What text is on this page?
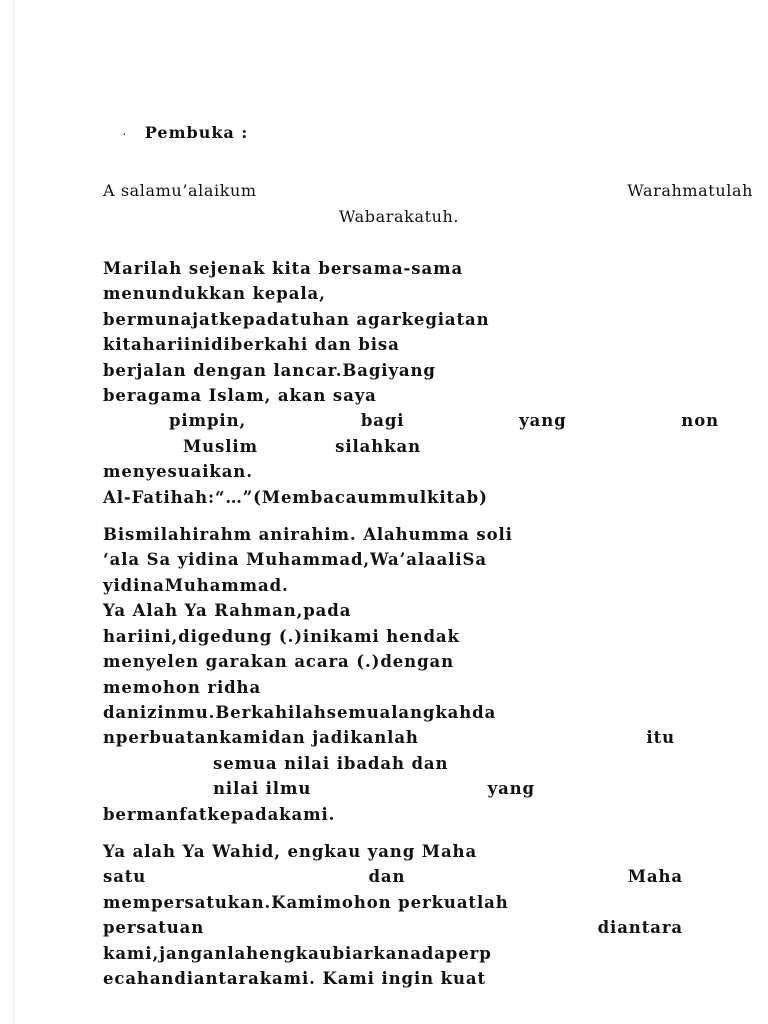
· Pembuka :
A salamu’alaikum	Warahmatulah
Wabarakatuh.
Marilah sejenak kita bersama-sama
menundukkan kepala,
bermunajatkepadatuhan agarkegiatan
kitahariinidiberkahi dan bisa
berjalan dengan lancar.Bagiyang
beragama Islam, akan saya
pimpin,	bagi	yang	non
Muslim	silahkan
menyesuaikan.
Al-Fatihah:“…”(Membacaummulkitab)
Bismilahirahm anirahim. Alahumma soli
‘ala Sa yidina Muhammad,Wa’alaaliSa
yidinaMuhammad.
Ya Alah Ya Rahman,pada
hariini,digedung (.)inikami hendak
menyelen garakan acara (.)dengan
memohon ridha
danizinmu.Berkahilahsemualangkahda
nperbuatankamidan jadikanlah	itu
semua nilai ibadah dan
nilai ilmu	yang
bermanfatkepadakami.
Ya alah Ya Wahid, engkau yang Maha
satu	dan	Maha
mempersatukan.Kamimohon perkuatlah
persatuan	diantara
kami,janganlahengkaubiarkanadaperp
ecahandiantarakami. Kami ingin kuat
